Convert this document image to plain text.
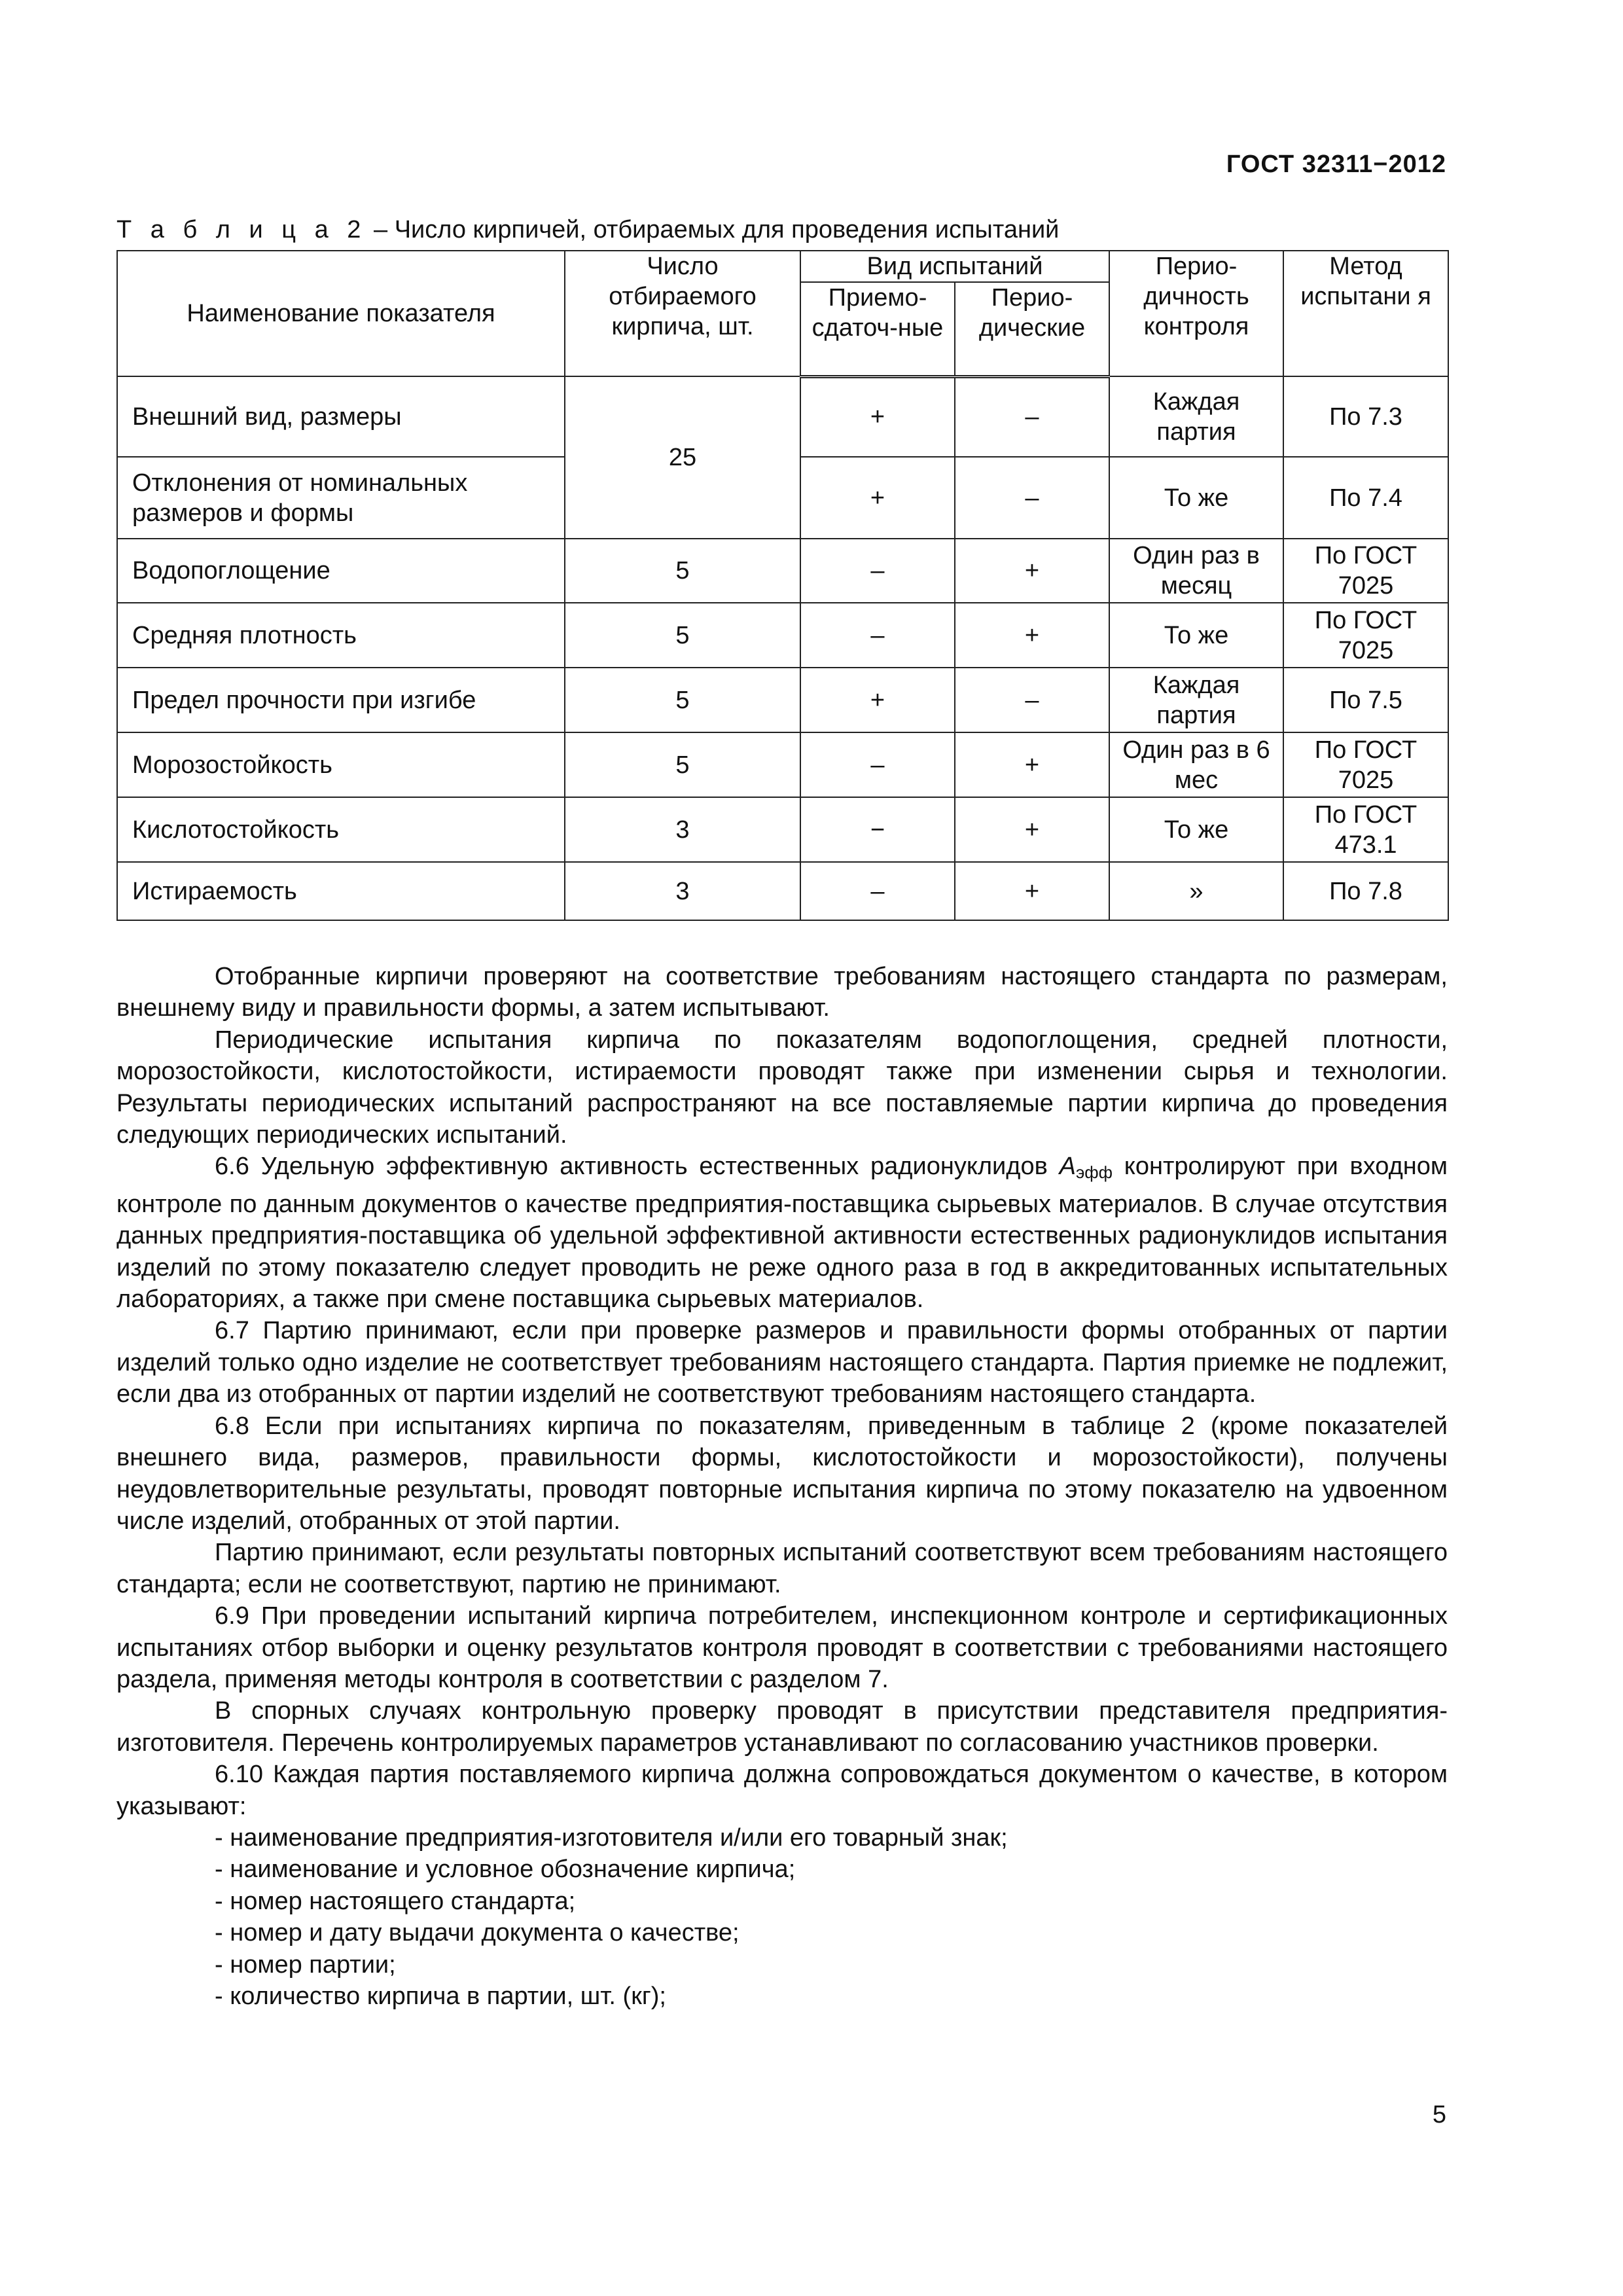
ГОСТ 32311−2012
Т а б л и ц а 2 – Число кирпичей, отбираемых для проведения испытаний
Наименование показателя	Число отбираемого кирпича, шт.	Вид испытаний		Перио-дичность контроля	Метод испытани я
		Приемо-сдаточ-ные	Перио-дические		
Внешний вид, размеры	25	+	–	Каждая партия	По 7.3
Отклонения от номинальных размеров и формы		+	–	То же	По 7.4
Водопоглощение	5	–	+	Один раз в месяц	По ГОСТ 7025
Средняя плотность	5	–	+	То же	По ГОСТ 7025
Предел прочности при изгибе	5	+	–	Каждая партия	По 7.5
Морозостойкость	5	–	+	Один раз в 6 мес	По ГОСТ 7025
Кислотостойкость	3	−	+	То же	По ГОСТ 473.1
Истираемость	3	–	+	»	По 7.8

Отобранные кирпичи проверяют на соответствие требованиям настоящего стандарта по размерам, внешнему виду и правильности формы, а затем испытывают.

Периодические испытания кирпича по показателям водопоглощения, средней плотности, морозостойкости, кислотостойкости, истираемости проводят также при изменении сырья и технологии. Результаты периодических испытаний распространяют на все поставляемые партии кирпича до проведения следующих периодических испытаний.

6.6 Удельную эффективную активность естественных радионуклидов $А_{эфф}$ контролируют при входном контроле по данным документов о качестве предприятия-поставщика сырьевых материалов. В случае отсутствия данных предприятия-поставщика об удельной эффективной активности естественных радионуклидов испытания изделий по этому показателю следует проводить не реже одного раза в год в аккредитованных испытательных лабораториях, а также при смене поставщика сырьевых материалов.

6.7 Партию принимают, если при проверке размеров и правильности формы отобранных от партии изделий только одно изделие не соответствует требованиям настоящего стандарта. Партия приемке не подлежит, если два из отобранных от партии изделий не соответствуют требованиям настоящего стандарта.

6.8 Если при испытаниях кирпича по показателям, приведенным в таблице 2 (кроме показателей внешнего вида, размеров, правильности формы, кислотостойкости и морозостойкости), получены неудовлетворительные результаты, проводят повторные испытания кирпича по этому показателю на удвоенном числе изделий, отобранных от этой партии.

Партию принимают, если результаты повторных испытаний соответствуют всем требованиям настоящего стандарта; если не соответствуют, партию не принимают.

6.9 При проведении испытаний кирпича потребителем, инспекционном контроле и сертификационных испытаниях отбор выборки и оценку результатов контроля проводят в соответствии с требованиями настоящего раздела, применяя методы контроля в соответствии с разделом 7.

В спорных случаях контрольную проверку проводят в присутствии представителя предприятия-изготовителя. Перечень контролируемых параметров устанавливают по согласованию участников проверки.

6.10 Каждая партия поставляемого кирпича должна сопровождаться документом о качестве, в котором указывают:

- наименование предприятия-изготовителя и/или его товарный знак;

- наименование и условное обозначение кирпича;

- номер настоящего стандарта;

- номер и дату выдачи документа о качестве;

- номер партии;

- количество кирпича в партии, шт. (кг);

5
